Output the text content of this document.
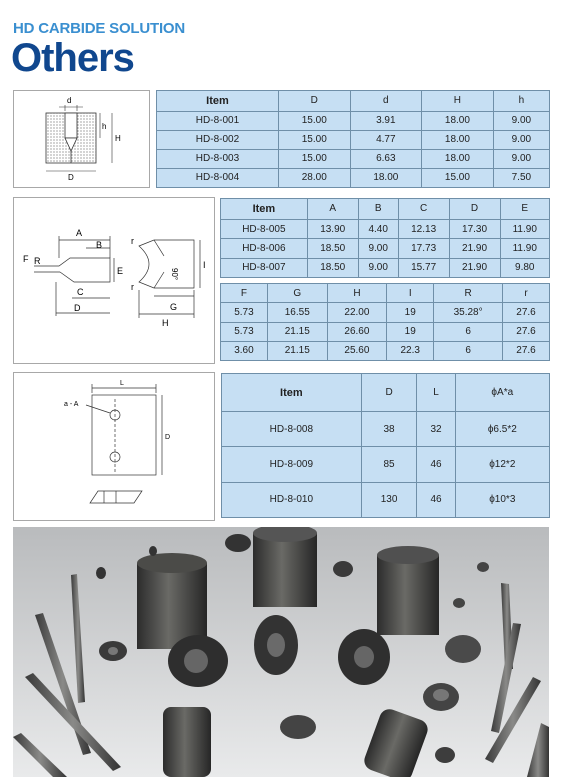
HD CARBIDE SOLUTION
Others
d
h
H
D
Item	D	d	H	h
HD-8-001	15.00	3.91	18.00	9.00
HD-8-002	15.00	4.77	18.00	9.00
HD-8-003	15.00	6.63	18.00	9.00
HD-8-004	28.00	18.00	15.00	7.50
A
B
F R
C
E
D
r
r
90°
I
G
H
Item	A	B	C	D	E
HD-8-005	13.90	4.40	12.13	17.30	11.90
HD-8-006	18.50	9.00	17.73	21.90	11.90
HD-8-007	18.50	9.00	15.77	21.90	9.80
F	G	H	I	R	r
5.73	16.55	22.00	19	35.28°	27.6
5.73	21.15	26.60	19	6	27.6
3.60	21.15	25.60	22.3	6	27.6
L
a - A
D
Item	D	L	ϕA*a
HD-8-008	38	32	ϕ6.5*2
HD-8-009	85	46	ϕ12*2
HD-8-010	130	46	ϕ10*3
